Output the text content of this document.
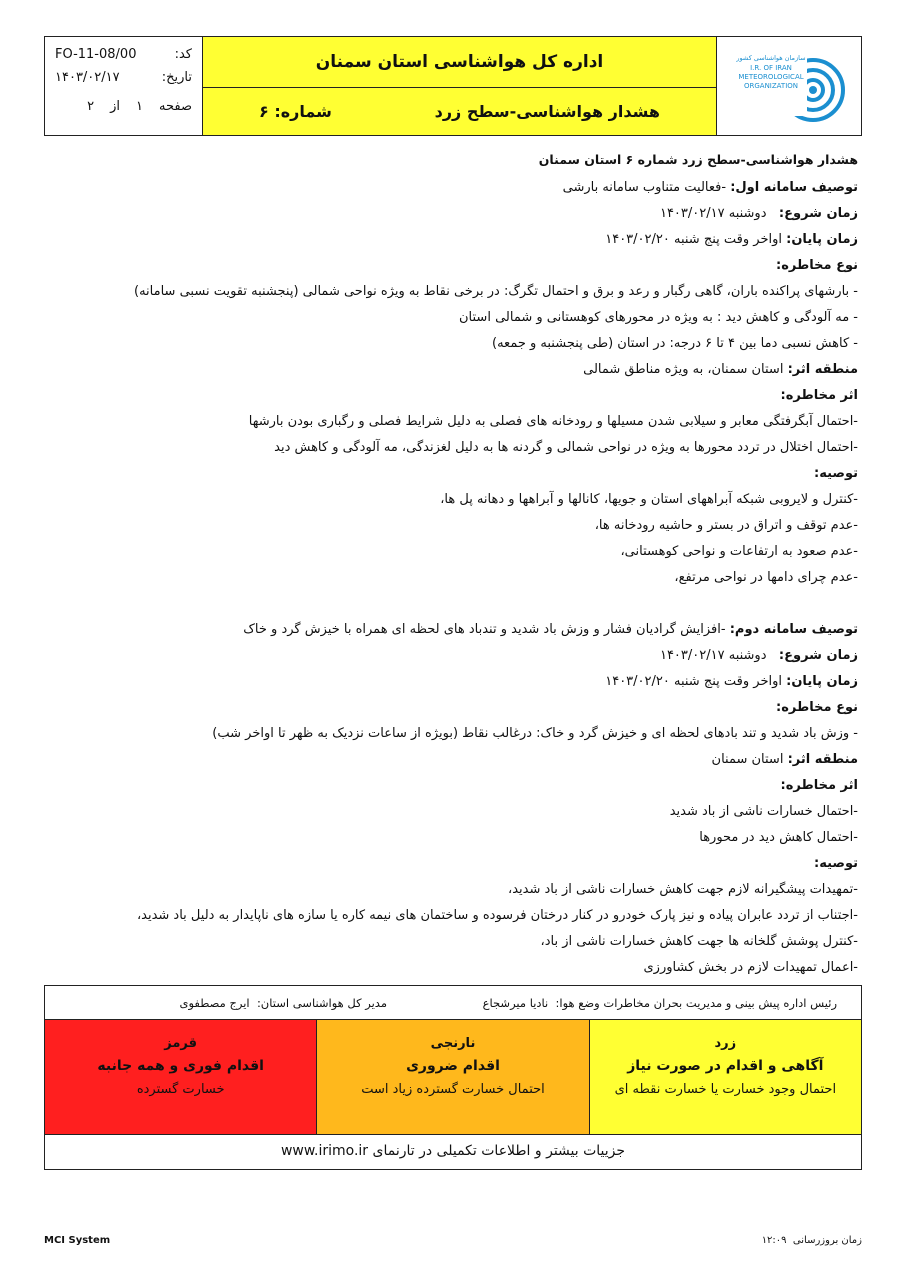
کد:
FO-11-08/00
تاریخ:
۱۴۰۳/۰۲/۱۷
صفحه
۱
از
۲
اداره کل هواشناسی استان سمنان
هشدار هواشناسی-سطح زرد
شماره: ۶
سازمان هواشناسی کشور
I.R. OF IRAN
METEOROLOGICAL
ORGANIZATION
هشدار هواشناسی-سطح زرد شماره ۶ استان سمنان
توصیف سامانه اول: -فعالیت متناوب سامانه بارشی
زمان شروع:   دوشنبه ۱۴۰۳/۰۲/۱۷
زمان پایان: اواخر وقت پنج شنبه ۱۴۰۳/۰۲/۲۰
نوع مخاطره:
- بارشهای پراکنده باران، گاهی رگبار و رعد و برق و احتمال تگرگ: در برخی نقاط به ویژه نواحی شمالی (پنجشنبه تقویت نسبی سامانه)
- مه آلودگی و کاهش دید : به ویژه در محورهای کوهستانی و شمالی استان
- کاهش نسبی دما بین ۴ تا ۶ درجه: در استان (طی پنجشنبه و جمعه)
منطقه اثر: استان سمنان، به ویژه مناطق شمالی
اثر مخاطره:
-احتمال آبگرفتگی معابر و سیلابی شدن مسیلها و رودخانه های فصلی به دلیل شرایط فصلی و رگباری بودن بارشها
-احتمال اختلال در تردد محورها به ویژه در نواحی شمالی و گردنه ها به دلیل لغزندگی، مه آلودگی و کاهش دید
توصیه:
-کنترل و لایروبی شبکه آبراههای استان و جویها، کانالها و آبراهها و دهانه پل ها،
-عدم توقف و اتراق در بستر و حاشیه رودخانه ها،
-عدم صعود به ارتفاعات و نواحی کوهستانی،
-عدم چرای دامها در نواحی مرتفع،
توصیف سامانه دوم: -افزایش گرادیان فشار و وزش باد شدید و تندباد های لحظه ای همراه با خیزش گرد و خاک
زمان شروع:   دوشنبه ۱۴۰۳/۰۲/۱۷
زمان پایان: اواخر وقت پنج شنبه ۱۴۰۳/۰۲/۲۰
نوع مخاطره:
- وزش باد شدید و تند بادهای لحظه ای و خیزش گرد و خاک: درغالب نقاط (بویژه از ساعات نزدیک به ظهر تا اواخر شب)
منطقه اثر: استان سمنان
اثر مخاطره:
-احتمال خسارات ناشی از باد شدید
-احتمال کاهش دید در محورها
توصیه:
-تمهیدات پیشگیرانه لازم جهت کاهش خسارات ناشی از باد شدید،
-اجتناب از تردد عابران پیاده و نیز پارک خودرو در کنار درختان فرسوده و ساختمان های نیمه کاره یا سازه های ناپایدار به دلیل باد شدید،
-کنترل پوشش گلخانه ها جهت کاهش خسارات ناشی از باد،
-اعمال تمهیدات لازم در بخش کشاورزی
رئیس اداره پیش بینی و مدیریت بحران مخاطرات وضع هوا:  نادیا میرشجاع
مدیر کل هواشناسی استان:  ایرج مصطفوی
زرد
آگاهی و اقدام در صورت نیاز
احتمال وجود خسارت یا خسارت نقطه ای
نارنجی
اقدام ضروری
احتمال خسارت گسترده زیاد است
قرمز
اقدام فوری و همه جانبه
خسارت گسترده
جزییات بیشتر و اطلاعات تکمیلی در تارنمای www.irimo.ir
MCI System	زمان بروزرسانی  ۱۲:۰۹
